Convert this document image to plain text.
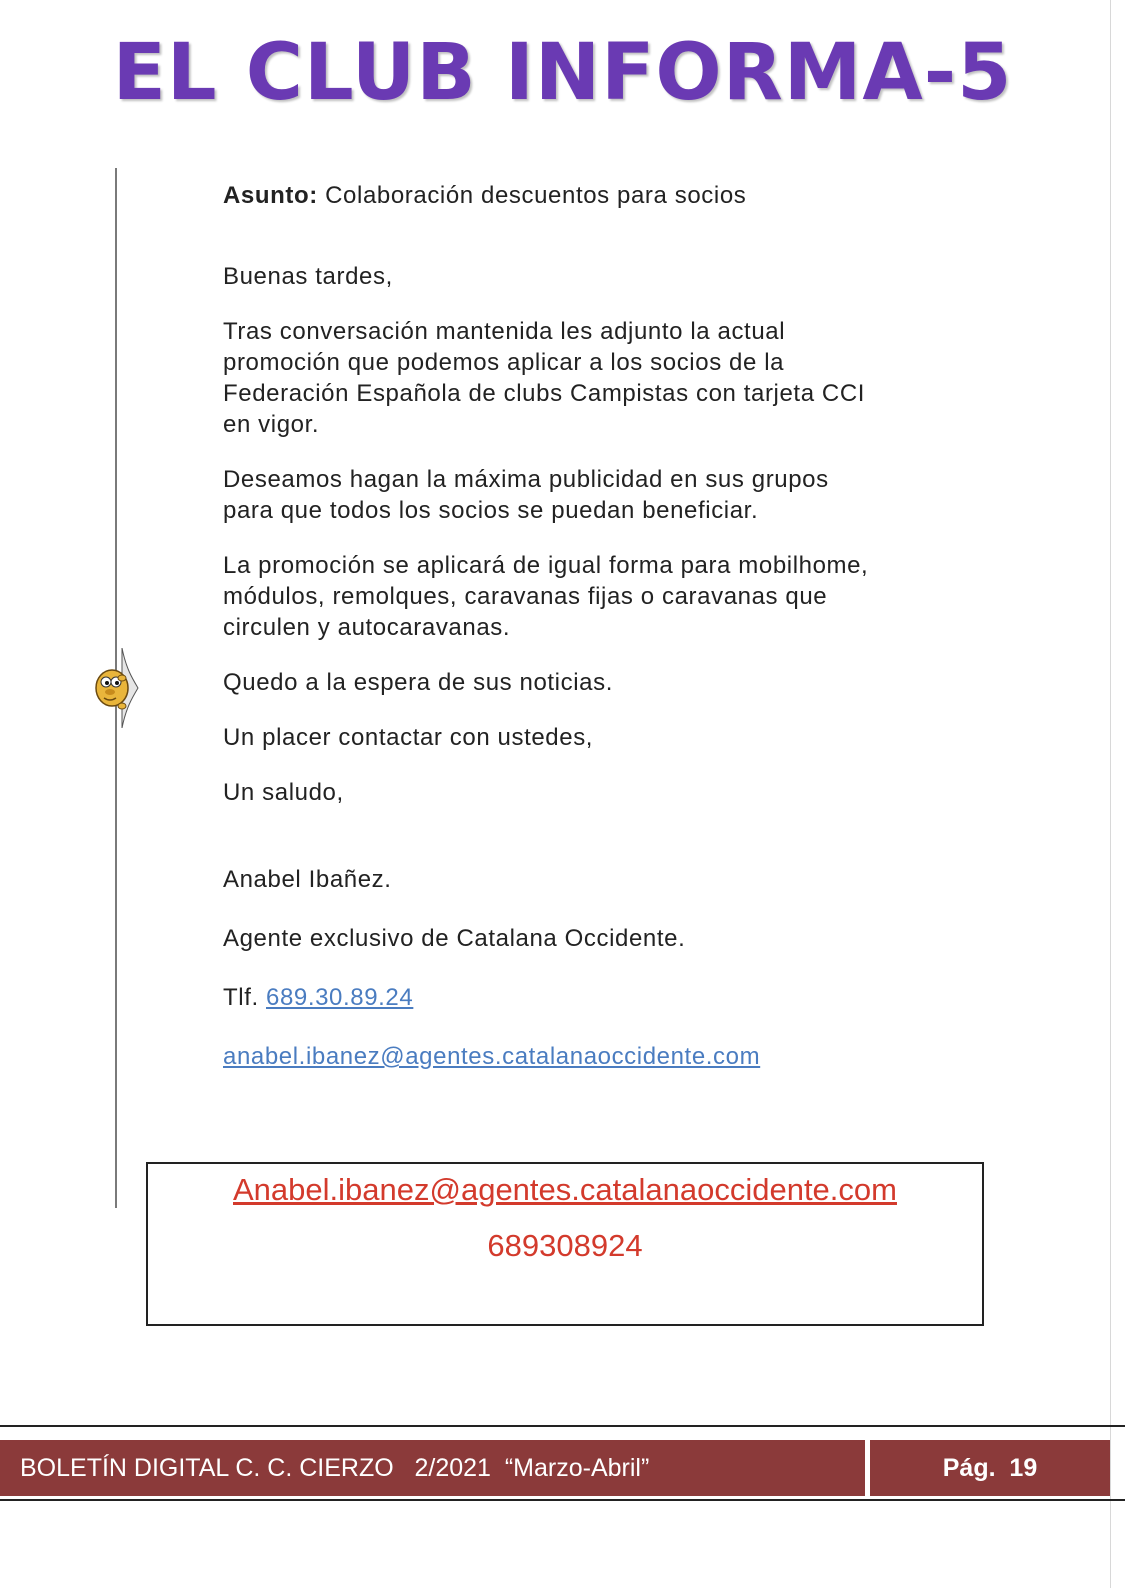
EL CLUB INFORMA-5

Asunto: Colaboración descuentos para socios

Buenas tardes,

Tras conversación mantenida les adjunto la actual promoción que podemos aplicar a los socios de la Federación Española de clubs Campistas con tarjeta CCI en vigor.

Deseamos hagan la máxima publicidad en sus grupos para que todos los socios se puedan beneficiar.

La promoción se aplicará de igual forma para mobilhome, módulos, remolques, caravanas fijas o caravanas que circulen y autocaravanas.

Quedo a la espera de sus noticias.

Un placer contactar con ustedes,

Un saludo,

Anabel Ibañez.

Agente exclusivo de Catalana Occidente.

Tlf. 689.30.89.24

anabel.ibanez@agentes.catalanaoccidente.com

Anabel.ibanez@agentes.catalanaoccidente.com
689308924
BOLETÍN DIGITAL C. C. CIERZO   2/2021  “Marzo-Abril”	Pág.  19
